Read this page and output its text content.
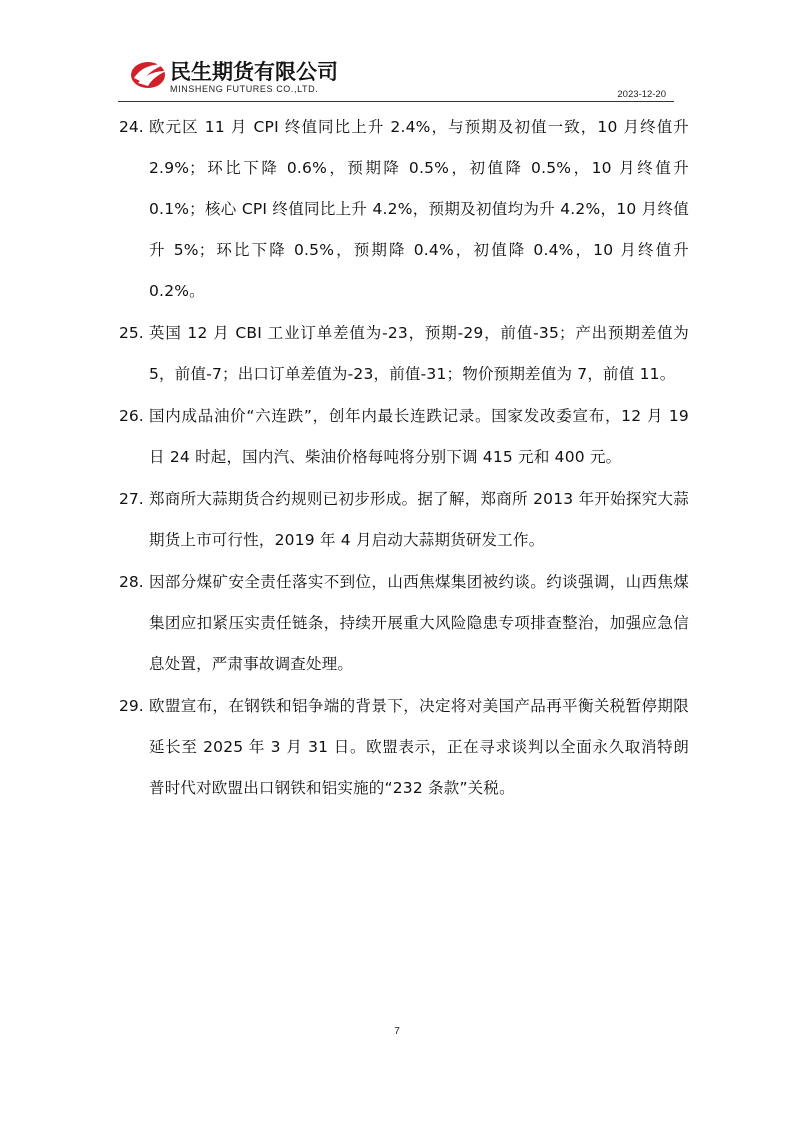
民生期货有限公司
MINSHENG FUTURES CO.,LTD.	2023-12-20
24. 欧元区 11 月 CPI 终值同比上升 2.4%，与预期及初值一致，10 月终值升 2.9%；环比下降 0.6%，预期降 0.5%，初值降 0.5%，10 月终值升 0.1%；核心 CPI 终值同比上升 4.2%，预期及初值均为升 4.2%，10 月终值升 5%；环比下降 0.5%，预期降 0.4%，初值降 0.4%，10 月终值升 0.2%。
25. 英国 12 月 CBI 工业订单差值为-23，预期-29，前值-35；产出预期差值为 5，前值-7；出口订单差值为-23，前值-31；物价预期差值为 7，前值 11。
26. 国内成品油价“六连跌”，创年内最长连跌记录。国家发改委宣布，12 月 19 日 24 时起，国内汽、柴油价格每吨将分别下调 415 元和 400 元。
27. 郑商所大蒜期货合约规则已初步形成。据了解，郑商所 2013 年开始探究大蒜期货上市可行性，2019 年 4 月启动大蒜期货研发工作。
28. 因部分煤矿安全责任落实不到位，山西焦煤集团被约谈。约谈强调，山西焦煤集团应扣紧压实责任链条，持续开展重大风险隐患专项排查整治，加强应急信息处置，严肃事故调查处理。
29. 欧盟宣布，在钢铁和铝争端的背景下，决定将对美国产品再平衡关税暂停期限延长至 2025 年 3 月 31 日。欧盟表示，正在寻求谈判以全面永久取消特朗普时代对欧盟出口钢铁和铝实施的“232 条款”关税。
7
